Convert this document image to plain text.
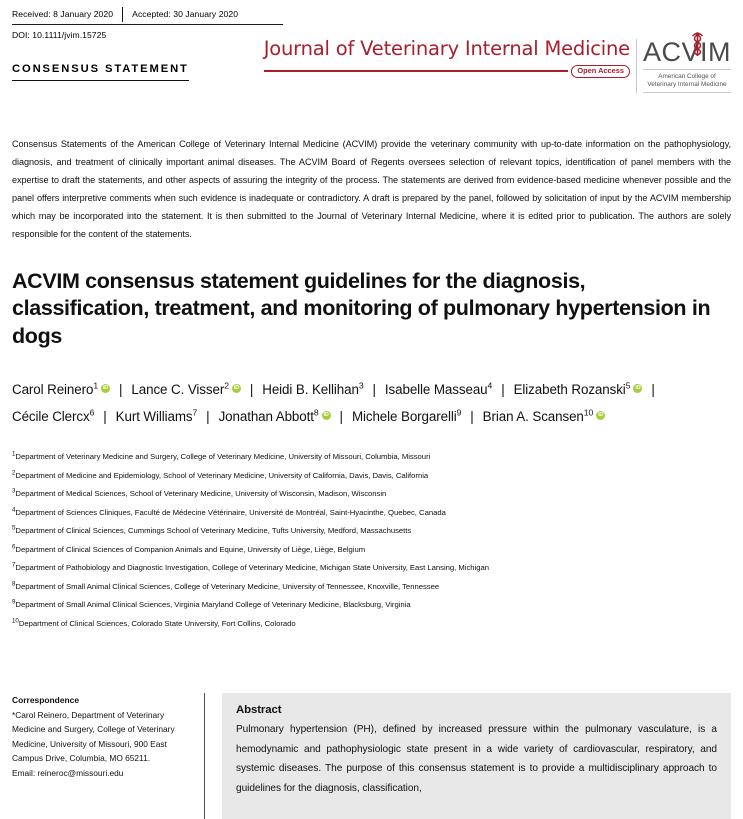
Received: 8 January 2020 Accepted: 30 January 2020
DOI: 10.1111/jvim.15725
CONSENSUS STATEMENT
Journal of Veterinary Internal Medicine
Open Access
ACVIM
American College of
Veterinary Internal Medicine
Consensus Statements of the American College of Veterinary Internal Medicine (ACVIM) provide the veterinary community with up-to-date information on the pathophysiology, diagnosis, and treatment of clinically important animal diseases. The ACVIM Board of Regents oversees selection of relevant topics, identification of panel members with the expertise to draft the statements, and other aspects of assuring the integrity of the process. The statements are derived from evidence-based medicine whenever possible and the panel offers interpretive comments when such evidence is inadequate or contradictory. A draft is prepared by the panel, followed by solicitation of input by the ACVIM membership which may be incorporated into the statement. It is then submitted to the Journal of Veterinary Internal Medicine, where it is edited prior to publication. The authors are solely responsible for the content of the statements.
ACVIM consensus statement guidelines for the diagnosis, classification, treatment, and monitoring of pulmonary hypertension in dogs
Carol Reinero$^1$ iD | Lance C. Visser$^2$ iD | Heidi B. Kellihan$^3$ | Isabelle Masseau$^4$ | Elizabeth Rozanski$^5$ iD |Cécile Clercx$^6$ | Kurt Williams$^7$ | Jonathan Abbott$^8$ iD | Michele Borgarelli$^9$ | Brian A. Scansen$^{10}$iD
$^1$Department of Veterinary Medicine and Surgery, College of Veterinary Medicine, University of Missouri, Columbia, Missouri
$^2$Department of Medicine and Epidemiology, School of Veterinary Medicine, University of California, Davis, Davis, California
$^3$Department of Medical Sciences, School of Veterinary Medicine, University of Wisconsin, Madison, Wisconsin
$^4$Department of Sciences Cliniques, Faculté de Médecine Vétérinaire, Université de Montréal, Saint-Hyacinthe, Quebec, Canada
$^5$Department of Clinical Sciences, Cummings School of Veterinary Medicine, Tufts University, Medford, Massachusetts
$^6$Department of Clinical Sciences of Companion Animals and Equine, University of Liège, Liège, Belgium
$^7$Department of Pathobiology and Diagnostic Investigation, College of Veterinary Medicine, Michigan State University, East Lansing, Michigan
$^8$Department of Small Animal Clinical Sciences, College of Veterinary Medicine, University of Tennessee, Knoxville, Tennessee
$^9$Department of Small Animal Clinical Sciences, Virginia Maryland College of Veterinary Medicine, Blacksburg, Virginia
$^{10}$Department of Clinical Sciences, Colorado State University, Fort Collins, Colorado
Correspondence
*Carol Reinero, Department of Veterinary Medicine and Surgery, College of Veterinary Medicine, University of Missouri, 900 East Campus Drive, Columbia, MO 65211.
Email: reineroc@missouri.edu
Abstract
Pulmonary hypertension (PH), defined by increased pressure within the pulmonary vasculature, is a hemodynamic and pathophysiologic state present in a wide variety of cardiovascular, respiratory, and systemic diseases. The purpose of this consensus statement is to provide a multidisciplinary approach to guidelines for the diagnosis, classification,
